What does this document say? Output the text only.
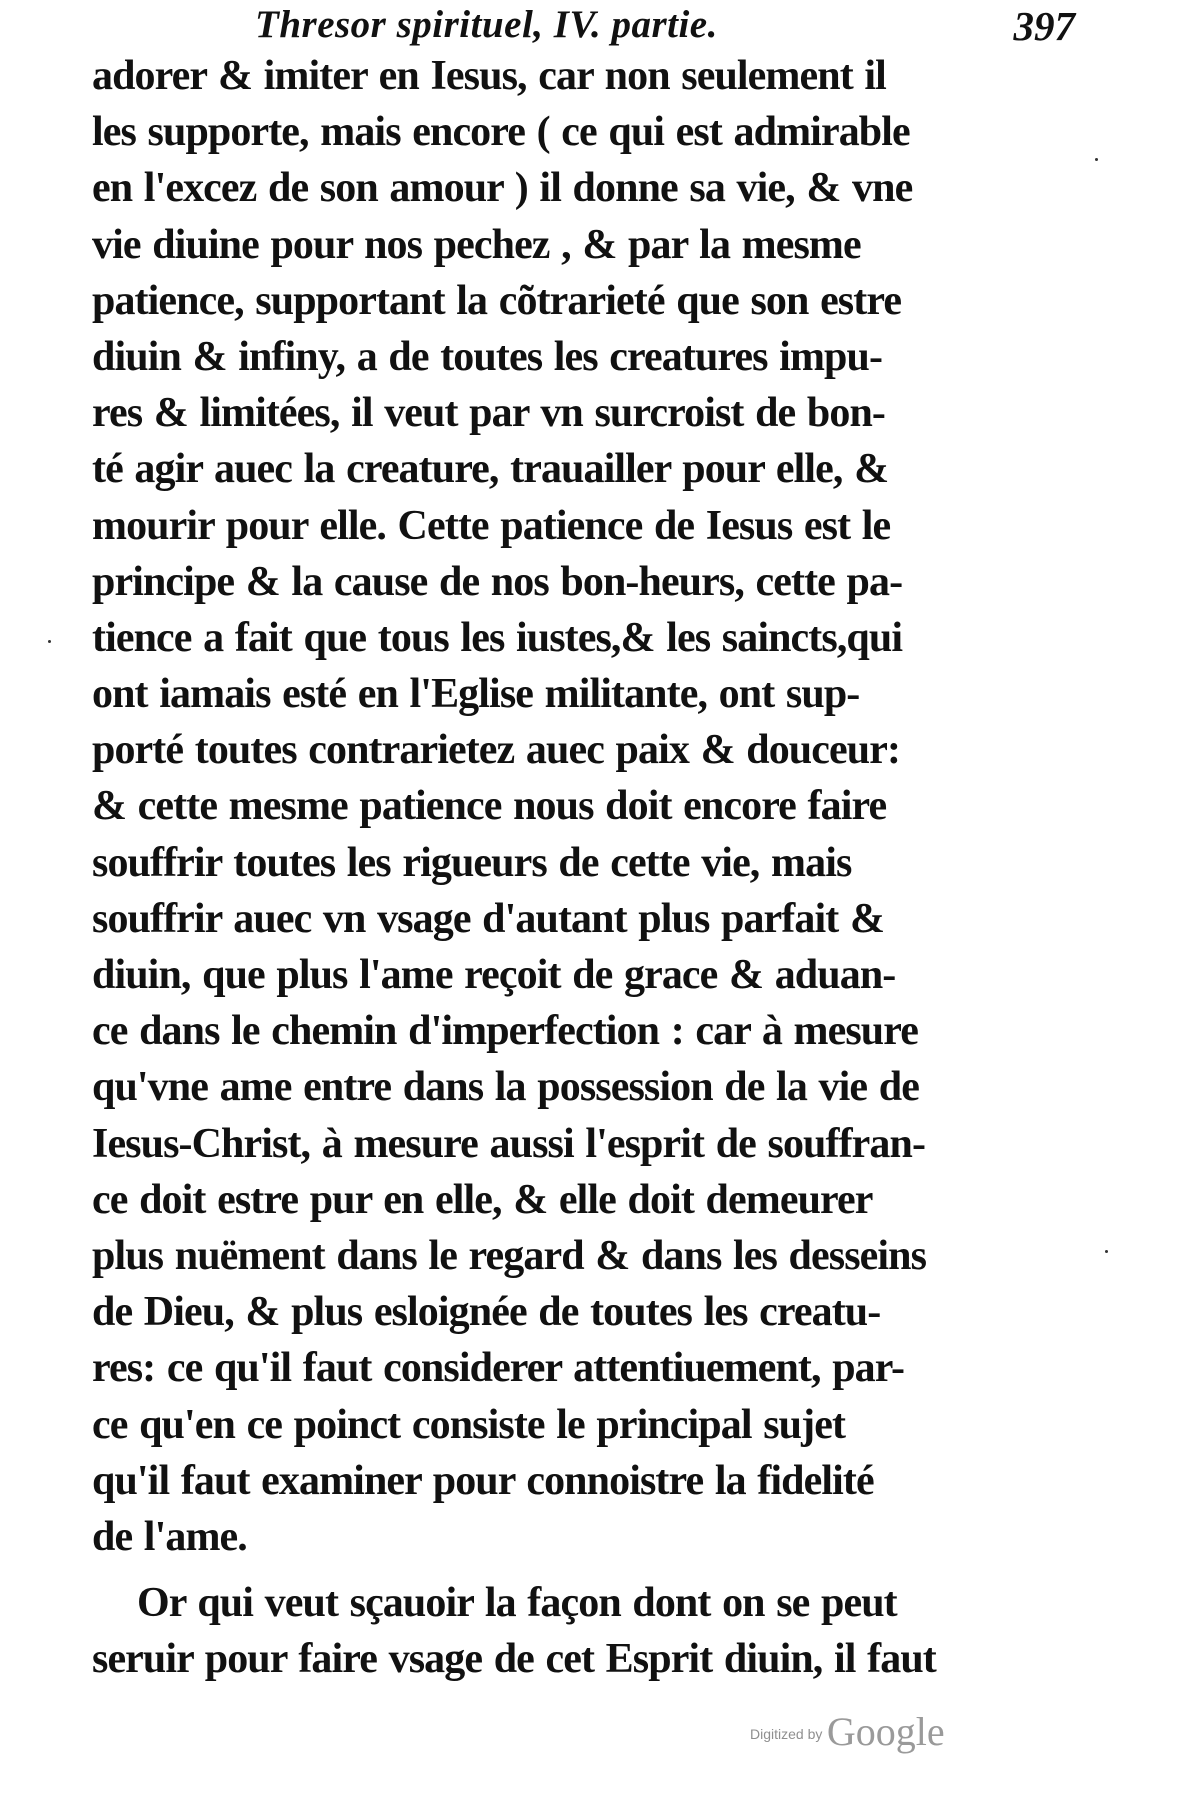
Thresor spirituel, IV. partie.	397
adorer & imiter en Iesus, car non seulement il
les supporte, mais encore ( ce qui est admirable
en l'excez de son amour ) il donne sa vie, & vne
vie diuine pour nos pechez , & par la mesme
patience, supportant la cõtrarieté que son estre
diuin & infiny, a de toutes les creatures impu-
res & limitées, il veut par vn surcroist de bon-
té agir auec la creature, trauailler pour elle, &
mourir pour elle. Cette patience de Iesus est le
principe & la cause de nos bon-heurs, cette pa-
tience a fait que tous les iustes,& les saincts,qui
ont iamais esté en l'Eglise militante, ont sup-
porté toutes contrarietez auec paix & douceur:
& cette mesme patience nous doit encore faire
souffrir toutes les rigueurs de cette vie, mais
souffrir auec vn vsage d'autant plus parfait &
diuin, que plus l'ame reçoit de grace & aduan-
ce dans le chemin d'imperfection : car à mesure
qu'vne ame entre dans la possession de la vie de
Iesus-Christ, à mesure aussi l'esprit de souffran-
ce doit estre pur en elle, & elle doit demeurer
plus nuëment dans le regard & dans les desseins
de Dieu, & plus esloignée de toutes les creatu-
res: ce qu'il faut considerer attentiuement, par-
ce qu'en ce poinct consiste le principal sujet
qu'il faut examiner pour connoistre la fidelité
de l'ame.
Or qui veut sçauoir la façon dont on se peut
seruir pour faire vsage de cet Esprit diuin, il faut
Digitized by Google
